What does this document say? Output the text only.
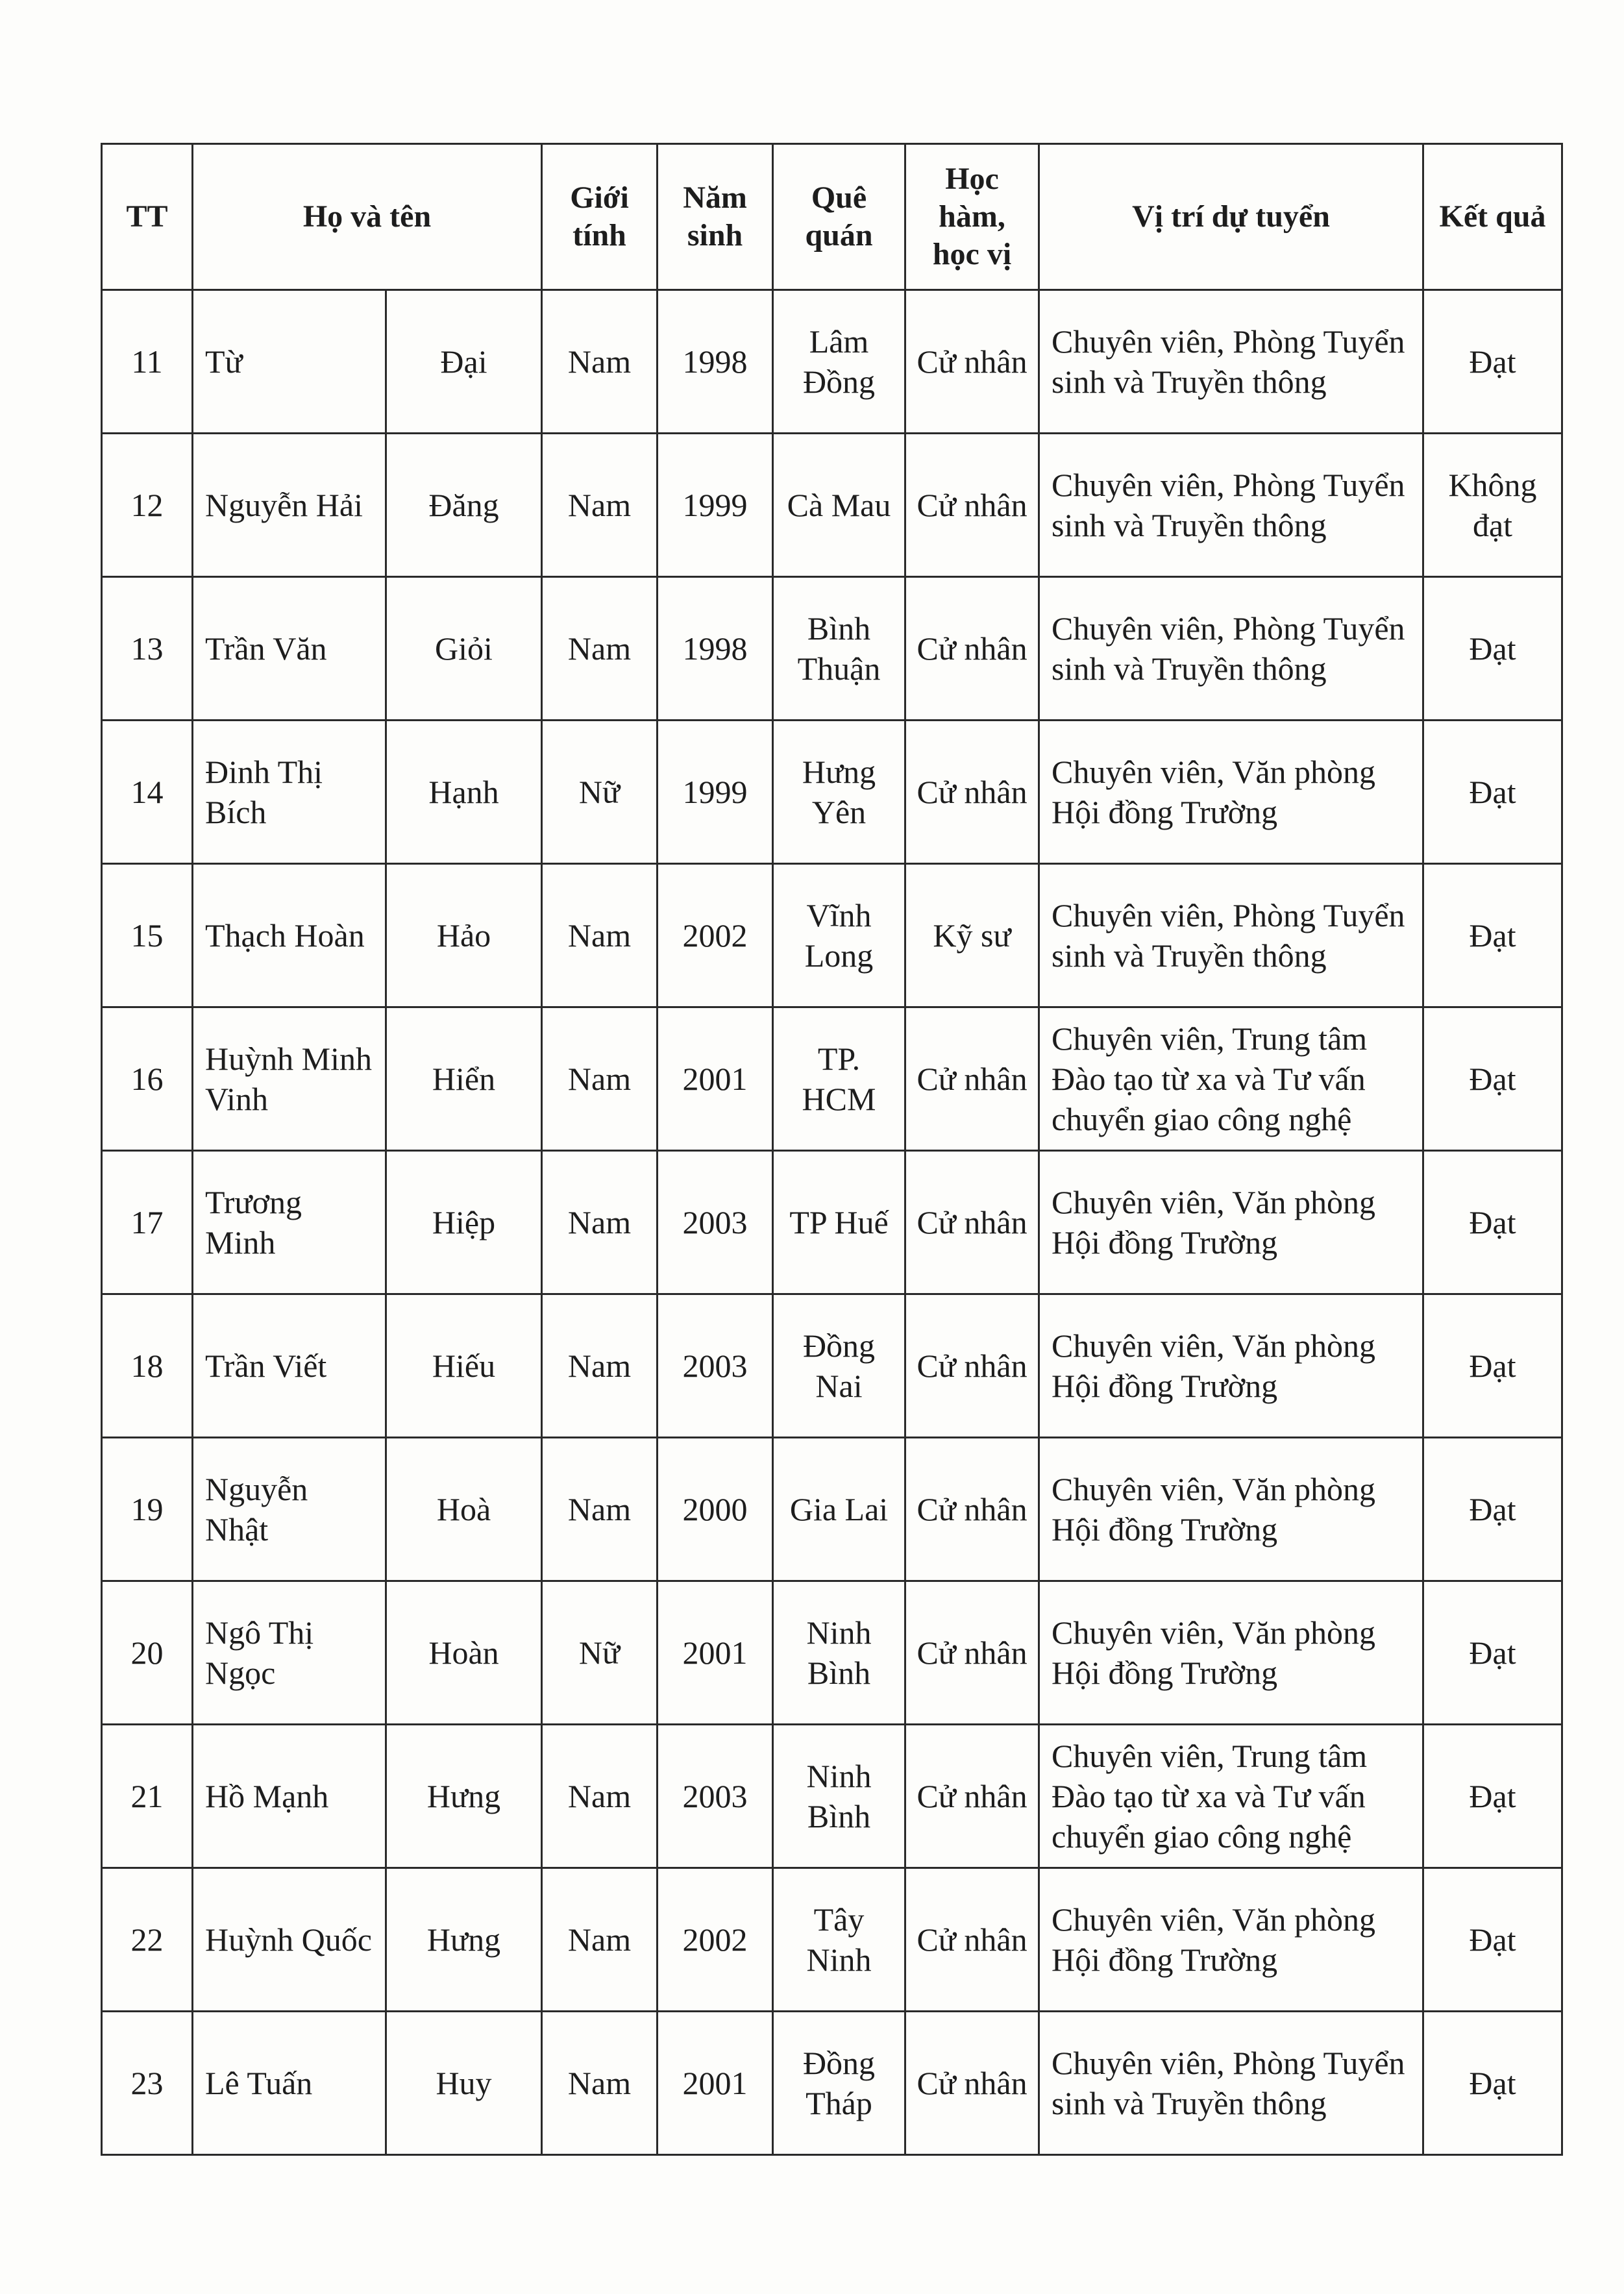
TT	Họ và tên		Giới tính	Năm sinh	Quê quán	Học hàm, học vị	Vị trí dự tuyển	Kết quả
11	Từ	Đại	Nam	1998	Lâm Đồng	Cử nhân	Chuyên viên, Phòng Tuyển sinh và Truyền thông	Đạt
12	Nguyễn Hải	Đăng	Nam	1999	Cà Mau	Cử nhân	Chuyên viên, Phòng Tuyển sinh và Truyền thông	Không đạt
13	Trần Văn	Giỏi	Nam	1998	Bình Thuận	Cử nhân	Chuyên viên, Phòng Tuyển sinh và Truyền thông	Đạt
14	Đinh Thị Bích	Hạnh	Nữ	1999	Hưng Yên	Cử nhân	Chuyên viên, Văn phòng Hội đồng Trường	Đạt
15	Thạch Hoàn	Hảo	Nam	2002	Vĩnh Long	Kỹ sư	Chuyên viên, Phòng Tuyển sinh và Truyền thông	Đạt
16	Huỳnh Minh Vinh	Hiển	Nam	2001	TP. HCM	Cử nhân	Chuyên viên, Trung tâm Đào tạo từ xa và Tư vấn chuyển giao công nghệ	Đạt
17	Trương Minh	Hiệp	Nam	2003	TP Huế	Cử nhân	Chuyên viên, Văn phòng Hội đồng Trường	Đạt
18	Trần Viết	Hiếu	Nam	2003	Đồng Nai	Cử nhân	Chuyên viên, Văn phòng Hội đồng Trường	Đạt
19	Nguyễn Nhật	Hoà	Nam	2000	Gia Lai	Cử nhân	Chuyên viên, Văn phòng Hội đồng Trường	Đạt
20	Ngô Thị Ngọc	Hoàn	Nữ	2001	Ninh Bình	Cử nhân	Chuyên viên, Văn phòng Hội đồng Trường	Đạt
21	Hồ Mạnh	Hưng	Nam	2003	Ninh Bình	Cử nhân	Chuyên viên, Trung tâm Đào tạo từ xa và Tư vấn chuyển giao công nghệ	Đạt
22	Huỳnh Quốc	Hưng	Nam	2002	Tây Ninh	Cử nhân	Chuyên viên, Văn phòng Hội đồng Trường	Đạt
23	Lê Tuấn	Huy	Nam	2001	Đồng Tháp	Cử nhân	Chuyên viên, Phòng Tuyển sinh và Truyền thông	Đạt
